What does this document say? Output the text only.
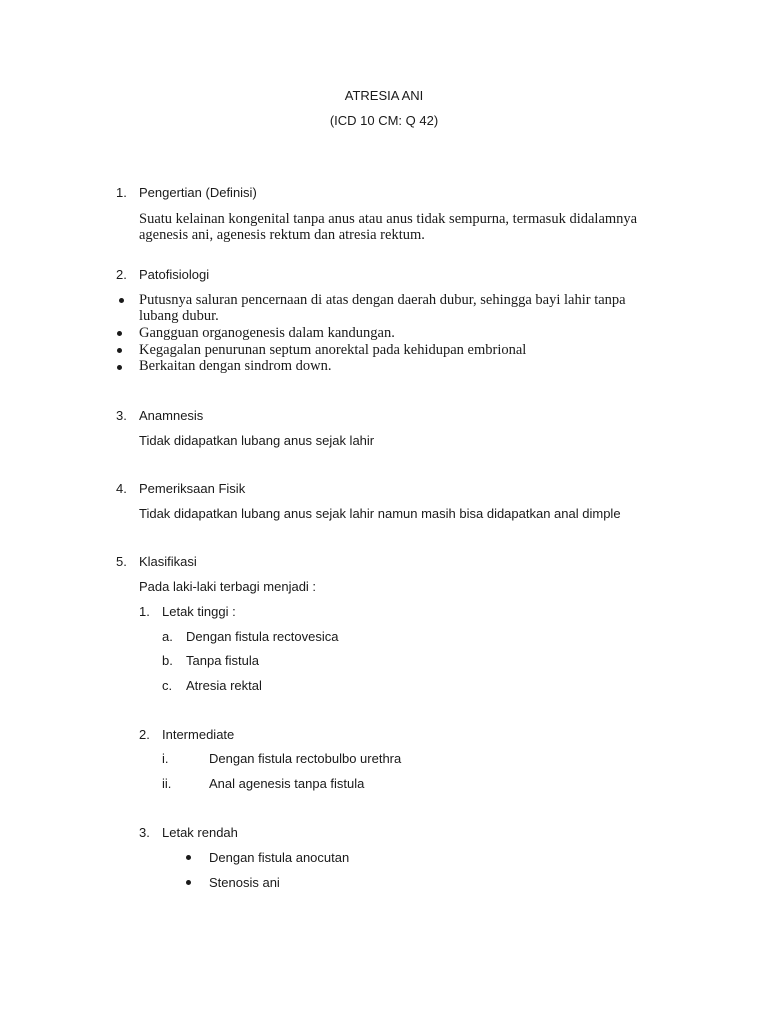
ATRESIA ANI
(ICD 10 CM: Q 42)
1. Pengertian (Definisi)
Suatu kelainan kongenital tanpa anus atau anus tidak sempurna, termasuk didalamnya agenesis ani, agenesis rektum dan atresia rektum.
2. Patofisiologi
Putusnya saluran pencernaan di atas dengan daerah dubur, sehingga bayi lahir tanpa lubang dubur.
Gangguan organogenesis dalam kandungan.
Kegagalan penurunan septum anorektal pada kehidupan embrional
Berkaitan dengan sindrom down.
3. Anamnesis
Tidak didapatkan lubang anus sejak lahir
4. Pemeriksaan Fisik
Tidak didapatkan lubang anus sejak lahir namun masih bisa didapatkan anal dimple
5. Klasifikasi
Pada laki-laki terbagi menjadi :
1. Letak tinggi :
a. Dengan fistula rectovesica
b. Tanpa fistula
c. Atresia rektal
2. Intermediate
i.	Dengan fistula rectobulbo urethra
ii.	Anal agenesis tanpa fistula
3. Letak rendah
Dengan fistula anocutan
Stenosis ani
